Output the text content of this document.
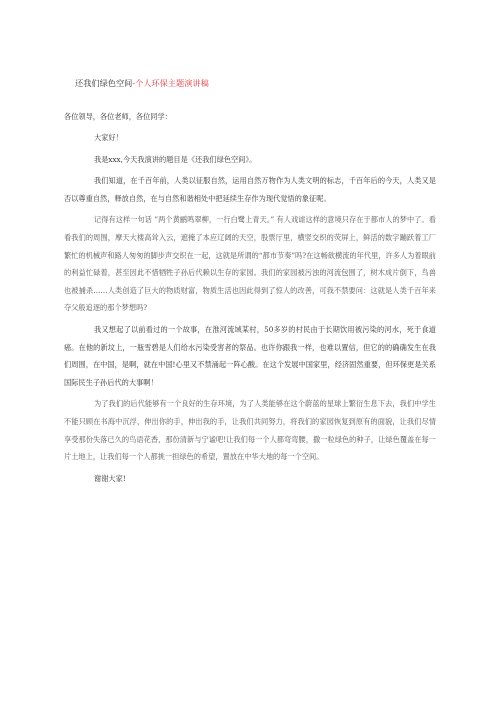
还我们绿色空间-个人环保主题演讲稿
各位领导，各位老师，各位同学：

大家好！

我是xxx,今天我演讲的题目是《还我们绿色空间》。

我们知道，在千百年前，人类以征服自然，运用自然万物作为人类文明的标志，千百年后的今天，人类又是否以尊重自然，释放自然，在与自然和谐相处中把延续生存作为现代觉悟的象征呢。

记得有这样一句话 ”两个黄鹂鸣翠柳，一行白鹭上青天。” 有人戏谑这样的意境只存在于都市人的梦中了。看看我们的周围，摩天大楼高耸入云，遮掩了本应辽阔的天空，股票厅里，横竖交织的荧屏上，鲜活的数字蹦跃着工厂繁忙的机械声和路人匆匆的脚步声交织在一起，这就是所谓的“都市节奏”吗?在这畅欲横流的年代里，许多人为着眼前的利益忙碌着，甚至因此不惜牺牲子孙后代赖以生存的家园。我们的家园被污浊的河流包围了，树木成片倒下，鸟兽也被捕杀……人类创造了巨大的物质财富，物质生活也因此得到了惊人的改善，可我不禁要问：这就是人类千百年来夺父般追逐的那个梦想吗?

我又想起了以前看过的一个故事，在淮河流域某村，50多岁的村民由于长期饮用被污染的河水，死于食道癌。在他的新坟上，一瓶雪碧是人们给水污染受害者的祭品。也许你跟我一样，也难以置信，但它的的确确发生在我们周围，在中国，是啊，就在中国!心里又不禁涌起一阵心酸。在这个发展中国家里，经济固然重要，但环保更是关系国际民生子孙后代的大事啊！

为了我们的后代能够有一个良好的生存环境，为了人类能够在这个蔚蓝的星球上繁衍生息下去，我们中学生不能只顾在书海中沉浮，伸出你的手，伸出我的手，让我们共同努力，将我们的家园恢复到原有的面貌，让我们尽情享受那份失落已久的鸟语花香，那份清新与宁谧吧!让我们每一个人都弯弯腰，撒一粒绿色的种子，让绿色覆盖在每一片土地上，让我们每一个人都挑一担绿色的希望，置放在中华大地的每一个空间。

谢谢大家!
